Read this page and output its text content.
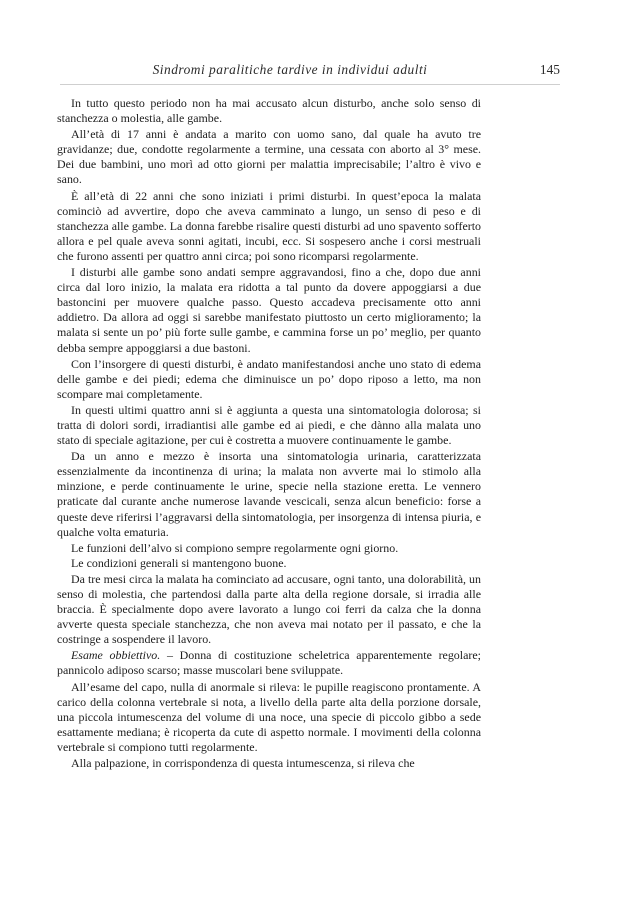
Sindromi paralitiche tardive in individui adulti	145

In tutto questo periodo non ha mai accusato alcun disturbo, anche solo senso di stanchezza o molestia, alle gambe.

All’età di 17 anni è andata a marito con uomo sano, dal quale ha avuto tre gravidanze; due, condotte regolarmente a termine, una cessata con aborto al 3° mese. Dei due bambini, uno morì ad otto giorni per malattia imprecisabile; l’altro è vivo e sano.

È all’età di 22 anni che sono iniziati i primi disturbi. In quest’epoca la malata cominciò ad avvertire, dopo che aveva camminato a lungo, un senso di peso e di stanchezza alle gambe. La donna farebbe risalire questi disturbi ad uno spavento sofferto allora e pel quale aveva sonni agitati, incubi, ecc. Si sospesero anche i corsi mestruali che furono assenti per quattro anni circa; poi sono ricomparsi regolarmente.

I disturbi alle gambe sono andati sempre aggravandosi, fino a che, dopo due anni circa dal loro inizio, la malata era ridotta a tal punto da dovere appoggiarsi a due bastoncini per muovere qualche passo. Questo accadeva precisamente otto anni addietro. Da allora ad oggi si sarebbe manifestato piuttosto un certo miglioramento; la malata si sente un po’ più forte sulle gambe, e cammina forse un po’ meglio, per quanto debba sempre appoggiarsi a due bastoni.

Con l’insorgere di questi disturbi, è andato manifestandosi anche uno stato di edema delle gambe e dei piedi; edema che diminuisce un po’ dopo riposo a letto, ma non scompare mai completamente.

In questi ultimi quattro anni si è aggiunta a questa una sintomatologia dolorosa; si tratta di dolori sordi, irradiantisi alle gambe ed ai piedi, e che dànno alla malata uno stato di speciale agitazione, per cui è costretta a muovere continuamente le gambe.

Da un anno e mezzo è insorta una sintomatologia urinaria, caratterizzata essenzialmente da incontinenza di urina; la malata non avverte mai lo stimolo alla minzione, e perde continuamente le urine, specie nella stazione eretta. Le vennero praticate dal curante anche numerose lavande vescicali, senza alcun beneficio: forse a queste deve riferirsi l’aggravarsi della sintomatologia, per insorgenza di intensa piuria, e qualche volta ematuria.

Le funzioni dell’alvo si compiono sempre regolarmente ogni giorno.

Le condizioni generali si mantengono buone.

Da tre mesi circa la malata ha cominciato ad accusare, ogni tanto, una dolorabilità, un senso di molestia, che partendosi dalla parte alta della regione dorsale, si irradia alle braccia. È specialmente dopo avere lavorato a lungo coi ferri da calza che la donna avverte questa speciale stanchezza, che non aveva mai notato per il passato, e che la costringe a sospendere il lavoro.

Esame obbiettivo. – Donna di costituzione scheletrica apparentemente regolare; pannicolo adiposo scarso; masse muscolari bene sviluppate.

All’esame del capo, nulla di anormale si rileva: le pupille reagiscono prontamente. A carico della colonna vertebrale si nota, a livello della parte alta della porzione dorsale, una piccola intumescenza del volume di una noce, una specie di piccolo gibbo a sede esattamente mediana; è ricoperta da cute di aspetto normale. I movimenti della colonna vertebrale si compiono tutti regolarmente.

Alla palpazione, in corrispondenza di questa intumescenza, si rileva che
